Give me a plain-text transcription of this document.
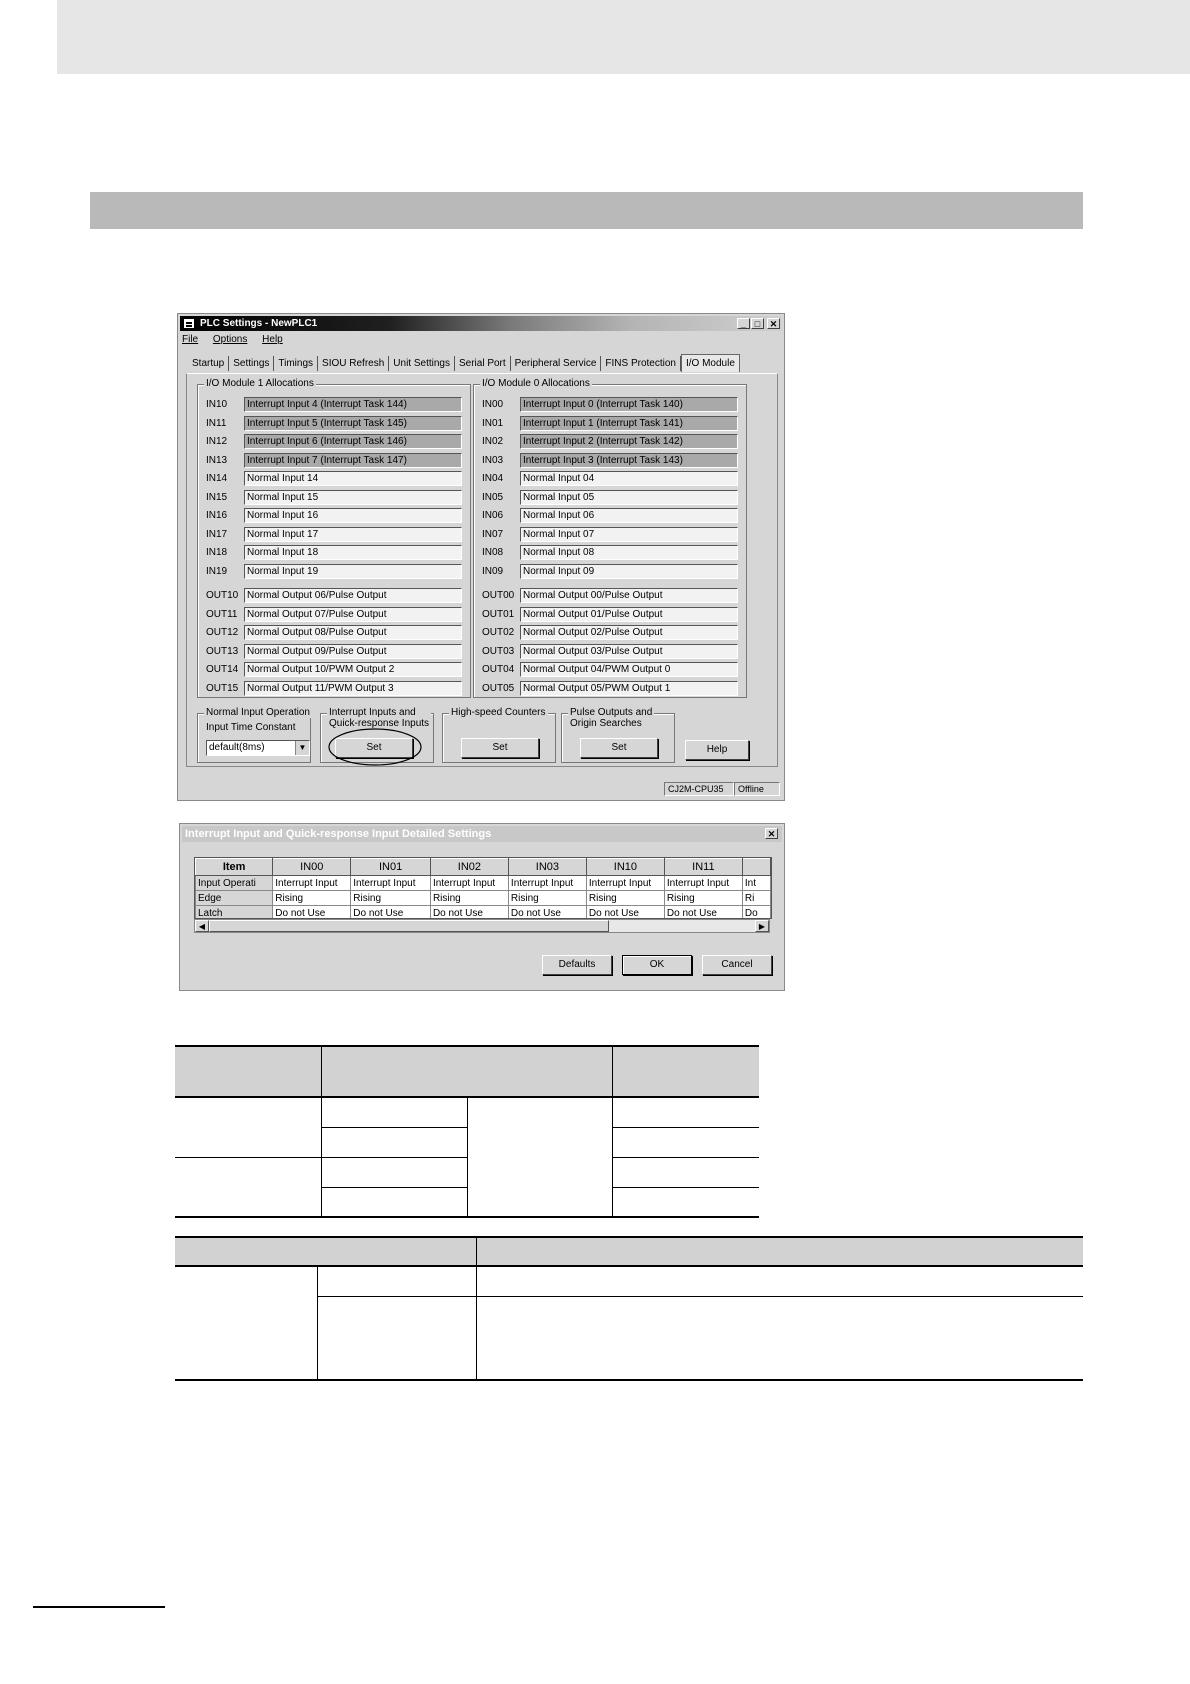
PLC Settings - NewPLC1	_ □	✕
File Options Help
Startup Settings Timings SIOU Refresh Unit Settings Serial Port Peripheral Service FINS Protection	I/O Module
I/O Module 1 Allocations
IN10	Interrupt Input 4 (Interrupt Task 144)
IN11	Interrupt Input 5 (Interrupt Task 145)
IN12	Interrupt Input 6 (Interrupt Task 146)
IN13	Interrupt Input 7 (Interrupt Task 147)
IN14	Normal Input 14
IN15	Normal Input 15
IN16	Normal Input 16
IN17	Normal Input 17
IN18	Normal Input 18
IN19	Normal Input 19
OUT10 Normal Output 06/Pulse Output
OUT11 Normal Output 07/Pulse Output
OUT12 Normal Output 08/Pulse Output
OUT13 Normal Output 09/Pulse Output
OUT14 Normal Output 10/PWM Output 2
OUT15 Normal Output 11/PWM Output 3
I/O Module 0 Allocations
IN00	Interrupt Input 0 (Interrupt Task 140)
IN01	Interrupt Input 1 (Interrupt Task 141)
IN02	Interrupt Input 2 (Interrupt Task 142)
IN03	Interrupt Input 3 (Interrupt Task 143)
IN04	Normal Input 04
IN05	Normal Input 05
IN06	Normal Input 06
IN07	Normal Input 07
IN08	Normal Input 08
IN09	Normal Input 09
OUT00 Normal Output 00/Pulse Output
OUT01 Normal Output 01/Pulse Output
OUT02 Normal Output 02/Pulse Output
OUT03 Normal Output 03/Pulse Output
OUT04 Normal Output 04/PWM Output 0
OUT05 Normal Output 05/PWM Output 1
Normal Input Operation
Input Time Constant
default(8ms)	▼
Interrupt Inputs and
Quick-response Inputs
Set
High-speed Counters
Set
Pulse Outputs and
Origin Searches
Set	Help
CJ2M-CPU35	Offline
Interrupt Input and Quick-response Input Detailed Settings	✕
Item	IN00	IN01	IN02	IN03	IN10	IN11	
Input Operati	Interrupt Input	Interrupt Input	Interrupt Input	Interrupt Input	Interrupt Input	Interrupt Input	Int
Edge	Rising	Rising	Rising	Rising	Rising	Rising	Ri
Latch	Do not Use	Do not Use	Do not Use	Do not Use	Do not Use	Do not Use	Do
◀	▶
Defaults	OK	Cancel
